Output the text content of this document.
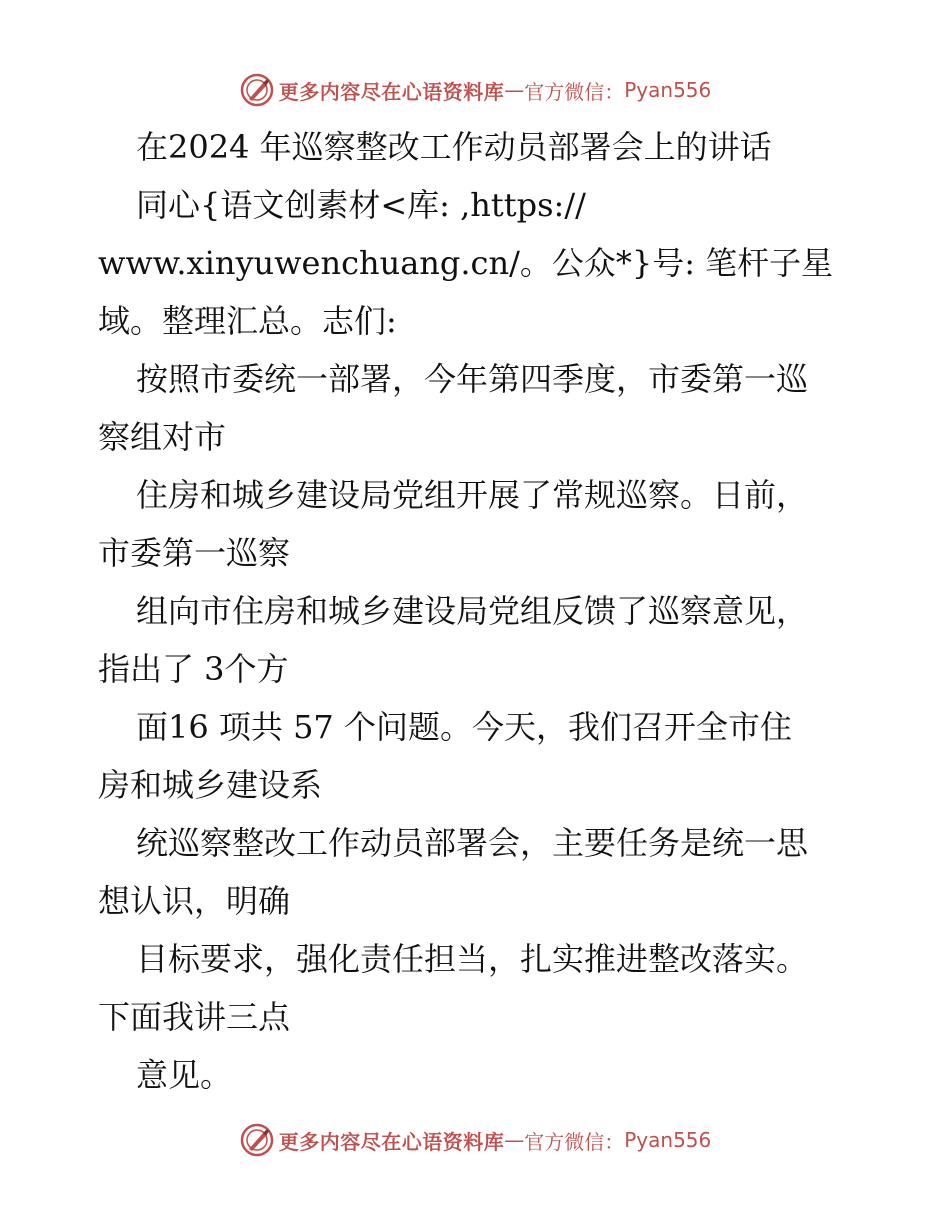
更多内容尽在心语资料库 — 官方微信： Pyan556
在2024 年巡察整改工作动员部署会上的讲话
同心{语文创素材<库: ,https://
www.xinyuwenchuang.cn/。公众*}号: 笔杆子星
域。整理汇总。志们:
按照市委统一部署，今年第四季度，市委第一巡
察组对市
住房和城乡建设局党组开展了常规巡察。日前，
市委第一巡察
组向市住房和城乡建设局党组反馈了巡察意见，
指出了 3个方
面16 项共 57 个问题。今天，我们召开全市住
房和城乡建设系
统巡察整改工作动员部署会，主要任务是统一思
想认识，明确
目标要求，强化责任担当，扎实推进整改落实。
下面我讲三点
意见。
更多内容尽在心语资料库 — 官方微信： Pyan556
